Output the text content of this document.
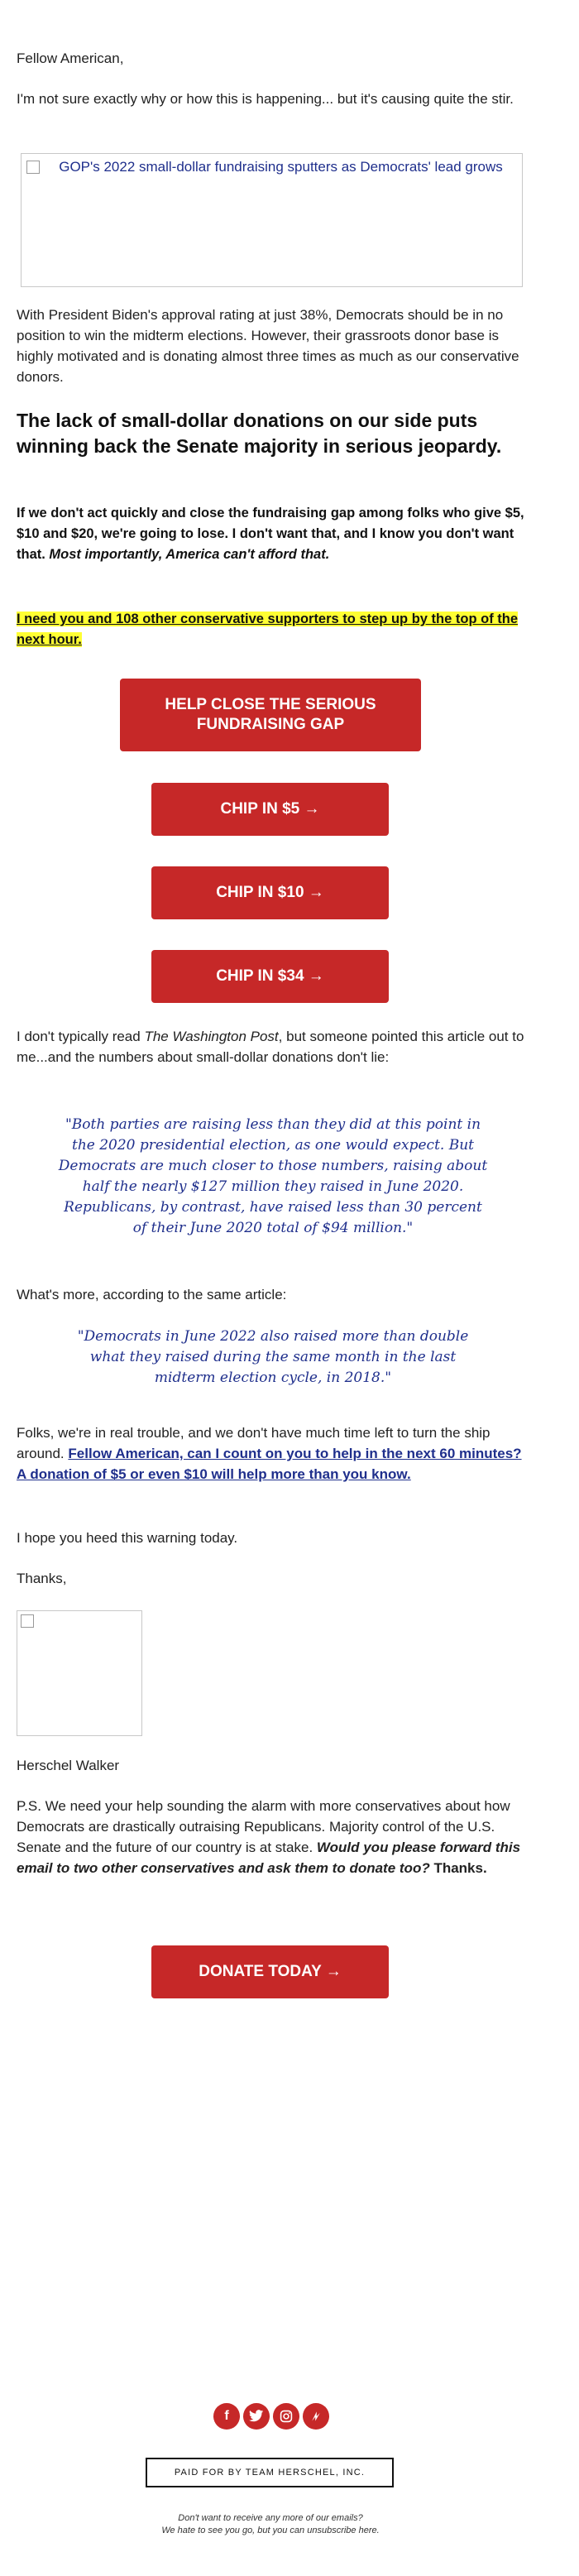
Fellow American,

I'm not sure exactly why or how this is happening... but it's causing quite the stir.

GOP's 2022 small-dollar fundraising sputters as Democrats' lead grows

With President Biden's approval rating at just 38%, Democrats should be in no position to win the midterm elections. However, their grassroots donor base is highly motivated and is donating almost three times as much as our conservative donors.

The lack of small-dollar donations on our side puts winning back the Senate majority in serious jeopardy.

If we don't act quickly and close the fundraising gap among folks who give $5, $10 and $20, we're going to lose. I don't want that, and I know you don't want that. Most importantly, America can't afford that.

I need you and 108 other conservative supporters to step up by the top of the next hour.

HELP CLOSE THE SERIOUS FUNDRAISING GAP
CHIP IN $5 →
CHIP IN $10 →
CHIP IN $34 →

I don't typically read The Washington Post, but someone pointed this article out to me...and the numbers about small-dollar donations don't lie:

"Both parties are raising less than they did at this point in the 2020 presidential election, as one would expect. But Democrats are much closer to those numbers, raising about half the nearly $127 million they raised in June 2020. Republicans, by contrast, have raised less than 30 percent of their June 2020 total of $94 million."

What's more, according to the same article:

"Democrats in June 2022 also raised more than double what they raised during the same month in the last midterm election cycle, in 2018."

Folks, we're in real trouble, and we don't have much time left to turn the ship around. Fellow American, can I count on you to help in the next 60 minutes? A donation of $5 or even $10 will help more than you know.

I hope you heed this warning today.

Thanks,

Herschel Walker

P.S. We need your help sounding the alarm with more conservatives about how Democrats are drastically outraising Republicans. Majority control of the U.S. Senate and the future of our country is at stake. Would you please forward this email to two other conservatives and ask them to donate too? Thanks.

DONATE TODAY →
f
PAID FOR BY TEAM HERSCHEL, INC.

Don't want to receive any more of our emails?
We hate to see you go, but you can unsubscribe here.
